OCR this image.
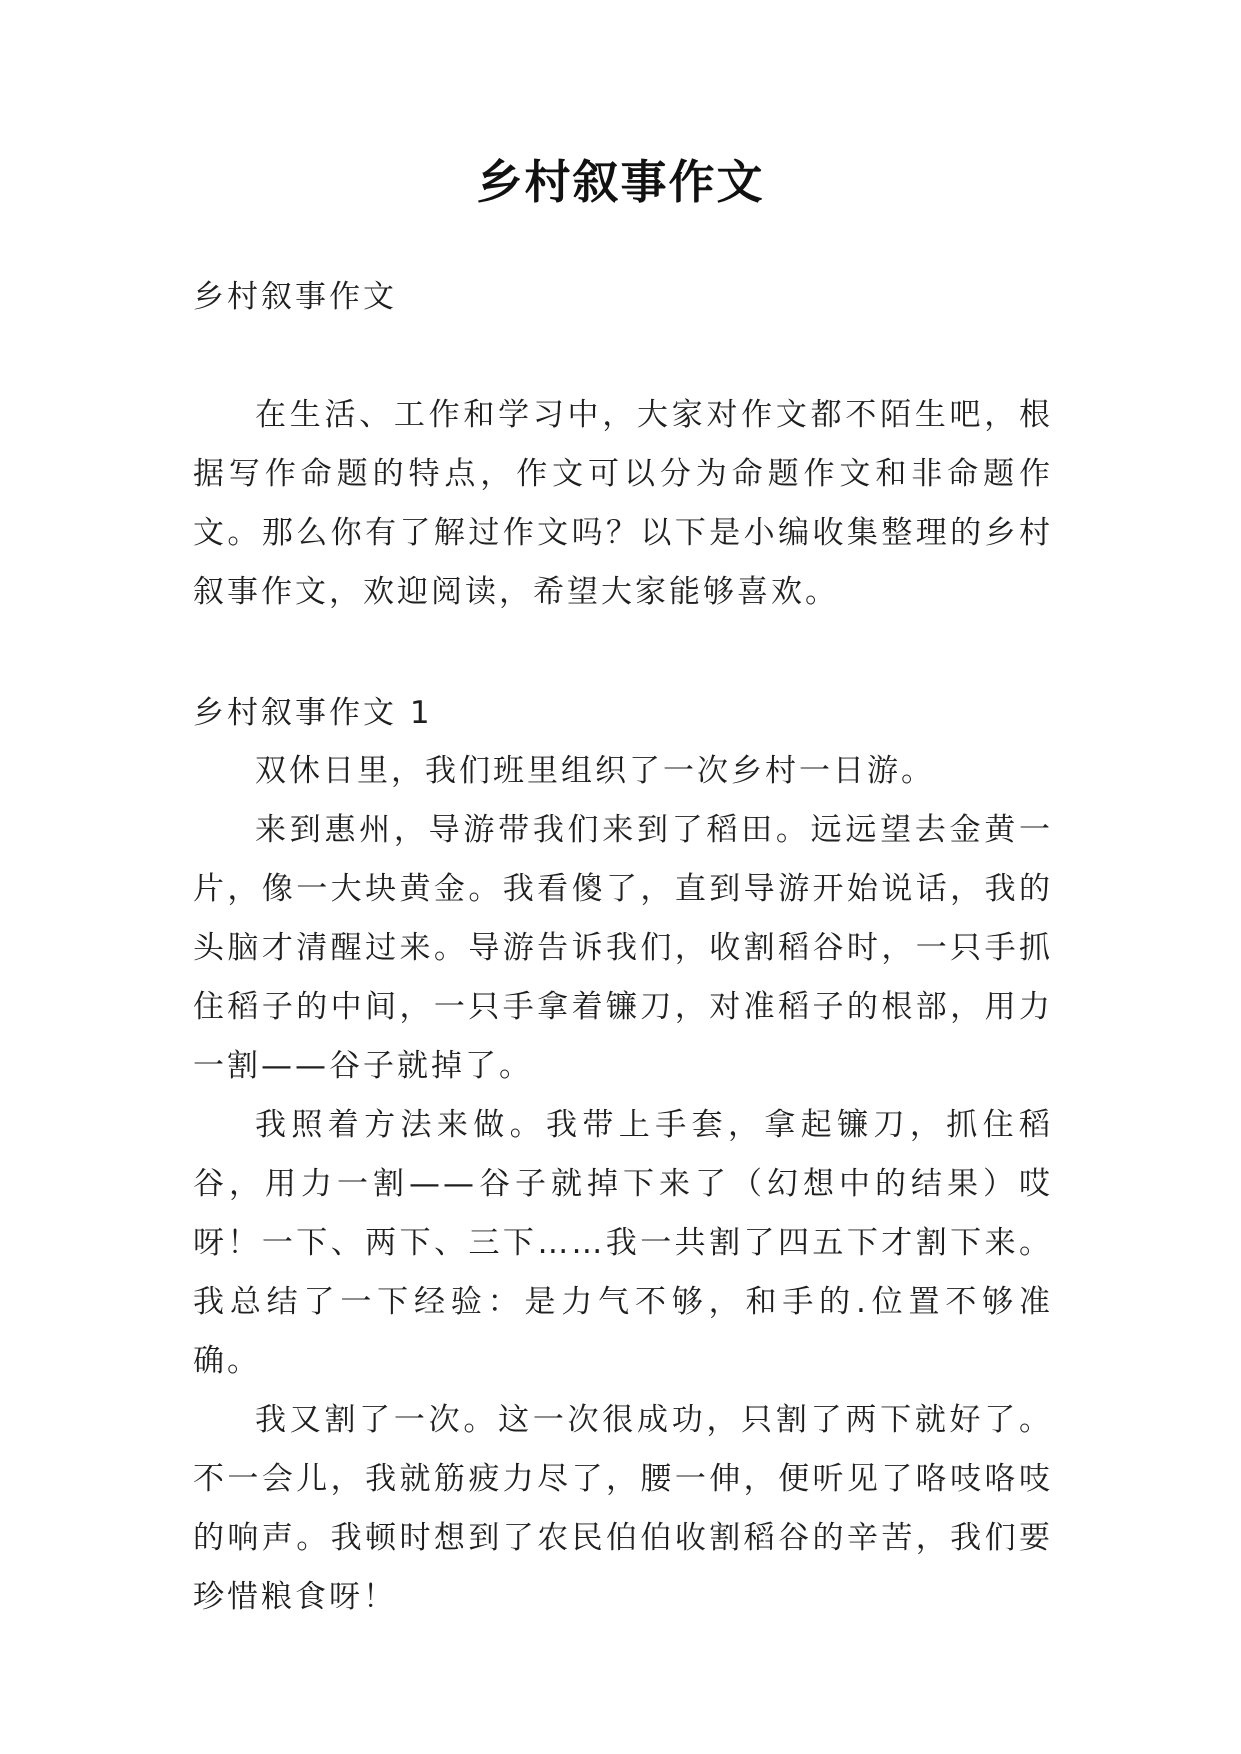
乡村叙事作文

乡村叙事作文

在生活、工作和学习中，大家对作文都不陌生吧，根据写作命题的特点，作文可以分为命题作文和非命题作文。那么你有了解过作文吗？以下是小编收集整理的乡村叙事作文，欢迎阅读，希望大家能够喜欢。

乡村叙事作文 1

双休日里，我们班里组织了一次乡村一日游。

来到惠州，导游带我们来到了稻田。远远望去金黄一片，像一大块黄金。我看傻了，直到导游开始说话，我的头脑才清醒过来。导游告诉我们，收割稻谷时，一只手抓住稻子的中间，一只手拿着镰刀，对准稻子的根部，用力一割——谷子就掉了。

我照着方法来做。我带上手套，拿起镰刀，抓住稻谷，用力一割——谷子就掉下来了（幻想中的结果）哎呀！一下、两下、三下……我一共割了四五下才割下来。我总结了一下经验：是力气不够，和手的.位置不够准确。

我又割了一次。这一次很成功，只割了两下就好了。不一会儿，我就筋疲力尽了，腰一伸，便听见了咯吱咯吱的响声。我顿时想到了农民伯伯收割稻谷的辛苦，我们要珍惜粮食呀！
